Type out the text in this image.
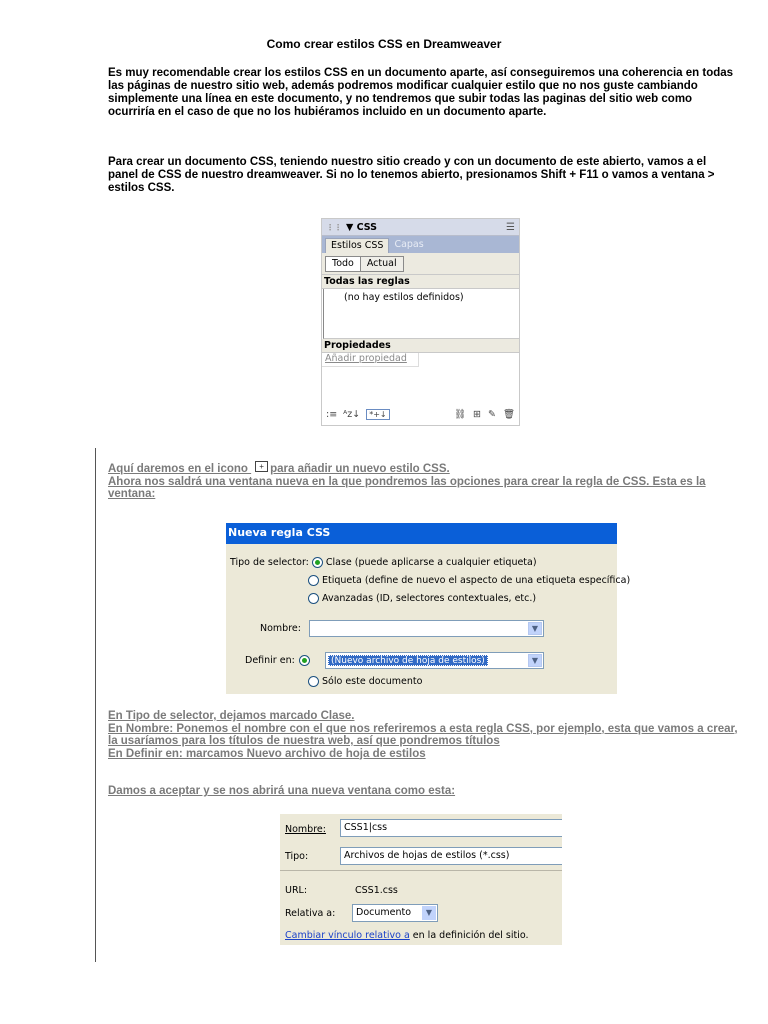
Como crear estilos CSS en Dreamweaver
Es muy recomendable crear los estilos CSS en un documento aparte, así conseguiremos una coherencia en todas las páginas de nuestro sitio web, además podremos modificar cualquier estilo que no nos guste cambiando simplemente una línea en este documento, y no tendremos que subir todas las paginas del sitio web como ocurriría en el caso de que no los hubiéramos incluido en un documento aparte.
Para crear un documento CSS, teniendo nuestro sitio creado y con un documento de este abierto, vamos a el panel de CSS de nuestro dreamweaver. Si no lo tenemos abierto, presionamos Shift + F11 o vamos a ventana > estilos CSS.
⋮⋮ ▼ CSS	☰
Estilos CSS	Capas
Todo	Actual
Todas las reglas
(no hay estilos definidos)
Propiedades
Añadir propiedad
:≡ ᴬz↓	*+↓	⛓ ⊞ ✎ 🗑
Aquí daremos en el icono + para añadir un nuevo estilo CSS.
Ahora nos saldrá una ventana nueva en la que pondremos las opciones para crear la regla de CSS. Esta es la ventana:
Nueva regla CSS
Tipo de selector: Clase (puede aplicarse a cualquier etiqueta)
Etiqueta (define de nuevo el aspecto de una etiqueta específica)
Avanzadas (ID, selectores contextuales, etc.)
Nombre:	▼
Definir en:	(Nuevo archivo de hoja de estilos)	▼
Sólo este documento
En Tipo de selector, dejamos marcado Clase.
En Nombre: Ponemos el nombre con el que nos referiremos a esta regla CSS, por ejemplo, esta que vamos a crear, la usaríamos para los títulos de nuestra web, así que pondremos títulos
En Definir en: marcamos Nuevo archivo de hoja de estilos
Damos a aceptar y se nos abrirá una nueva ventana como esta:
Nombre:	CSS1|css
Tipo:	Archivos de hojas de estilos (*.css)
URL:	CSS1.css
Relativa a:	Documento	▼
Cambiar vínculo relativo a en la definición del sitio.
